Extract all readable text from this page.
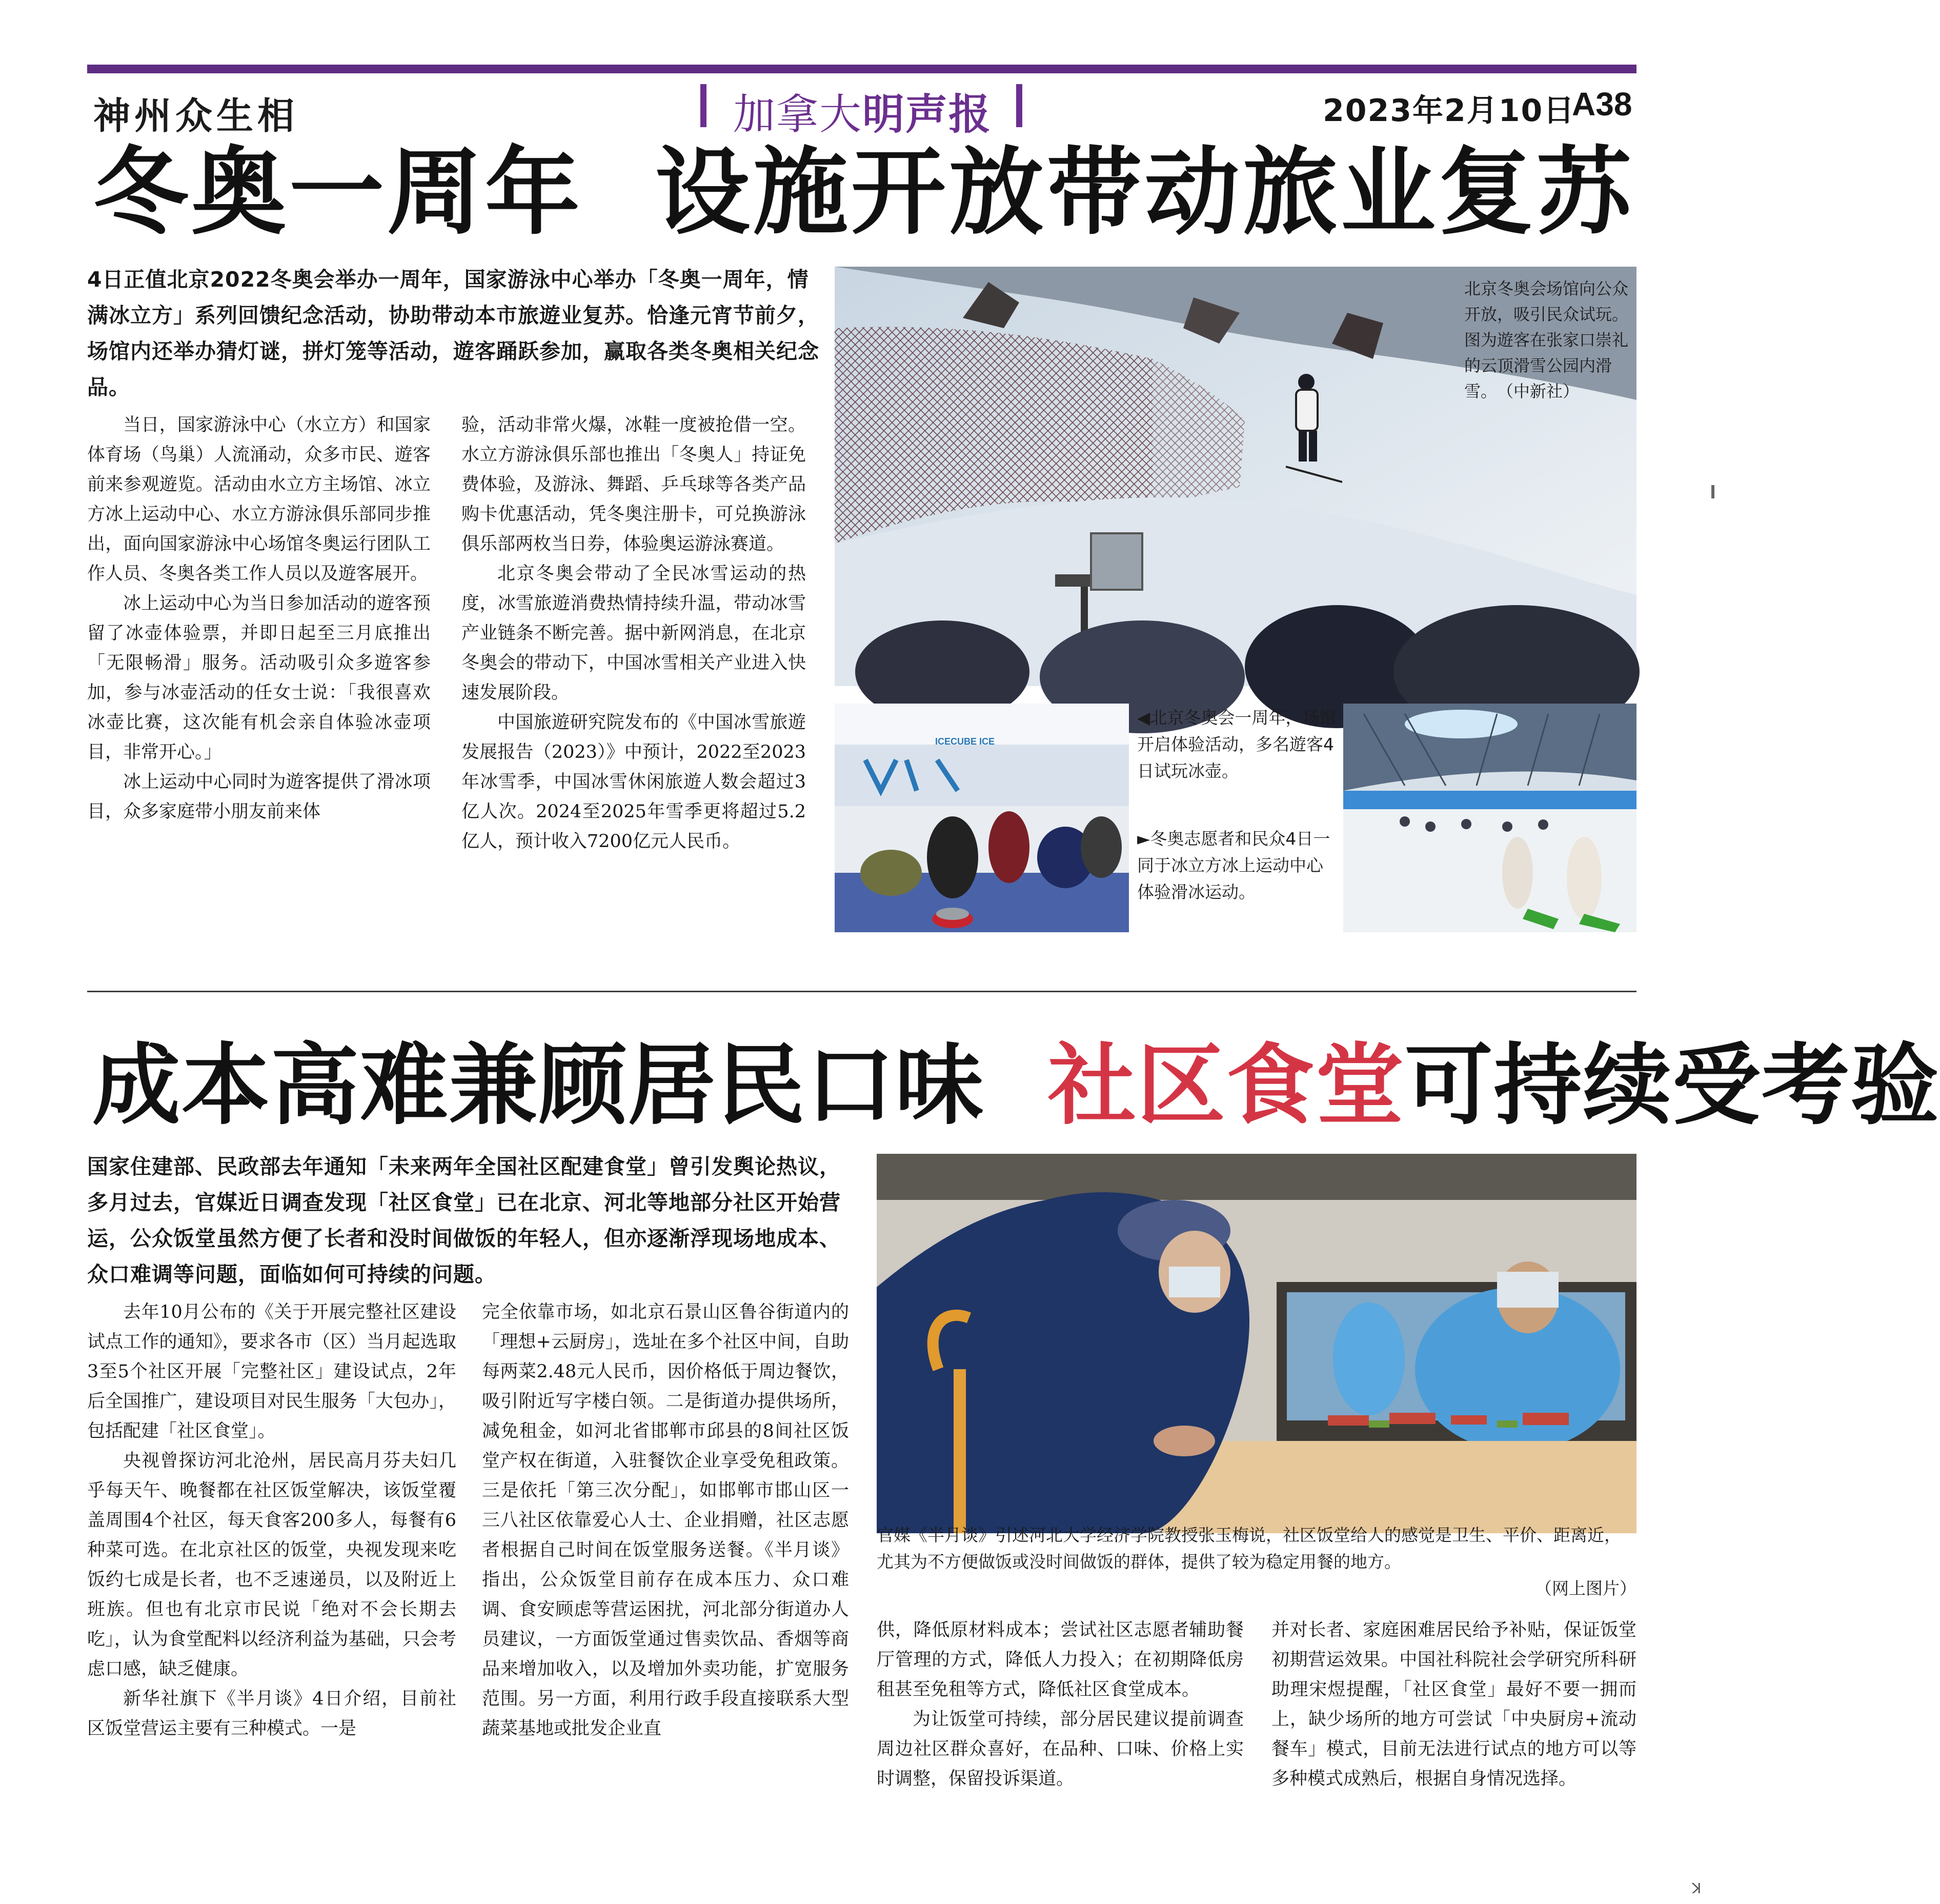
神州众生相	加拿大明声报	2023年2月10日
A38
冬奥一周年  设施开放带动旅业复苏
4日正值北京2022冬奥会举办一周年，国家游泳中心举办「冬奥一周年，情满冰立方」系列回馈纪念活动，协助带动本市旅遊业复苏。恰逢元宵节前夕，场馆内还举办猜灯谜，拼灯笼等活动，遊客踊跃参加，赢取各类冬奥相关纪念品。

当日，国家游泳中心（水立方）和国家体育场（鸟巢）人流涌动，众多市民、遊客前来参观遊览。活动由水立方主场馆、冰立方冰上运动中心、水立方游泳俱乐部同步推出，面向国家游泳中心场馆冬奥运行团队工作人员、冬奥各类工作人员以及遊客展开。

冰上运动中心为当日参加活动的遊客预留了冰壶体验票，并即日起至三月底推出「无限畅滑」服务。活动吸引众多遊客参加，参与冰壶活动的任女士说：「我很喜欢冰壶比赛，这次能有机会亲自体验冰壶项目，非常开心。」

冰上运动中心同时为遊客提供了滑冰项目，众多家庭带小朋友前来体

验，活动非常火爆，冰鞋一度被抢借一空。水立方游泳俱乐部也推出「冬奥人」持证免费体验，及游泳、舞蹈、乒乓球等各类产品购卡优惠活动，凭冬奥注册卡，可兑换游泳俱乐部两枚当日券，体验奥运游泳赛道。

北京冬奥会带动了全民冰雪运动的热度，冰雪旅遊消费热情持续升温，带动冰雪产业链条不断完善。据中新网消息，在北京冬奥会的带动下，中国冰雪相关产业进入快速发展阶段。

中国旅遊研究院发布的《中国冰雪旅遊发展报告（2023）》中预计，2022至2023年冰雪季，中国冰雪休闲旅遊人数会超过3亿人次。2024至2025年雪季更将超过5.2亿人，预计收入7200亿元人民币。

北京冬奥会场馆向公众开放，吸引民众试玩。图为遊客在张家口崇礼的云顶滑雪公园内滑雪。　（中新社）
ICECUBE ICE
◀北京冬奥会一周年，场馆开启体验活动，多名遊客4日试玩冰壶。
►冬奥志愿者和民众4日一同于冰立方冰上运动中心体验滑冰运动。
成本高难兼顾居民口味  社区食堂可持续受考验
国家住建部、民政部去年通知「未来两年全国社区配建食堂」曾引发舆论热议，多月过去，官媒近日调查发现「社区食堂」已在北京、河北等地部分社区开始营运，公众饭堂虽然方便了长者和没时间做饭的年轻人，但亦逐渐浮现场地成本、众口难调等问题，面临如何可持续的问题。

去年10月公布的《关于开展完整社区建设试点工作的通知》，要求各市（区）当月起选取3至5个社区开展「完整社区」建设试点，2年后全国推广，建设项目对民生服务「大包办」，包括配建「社区食堂」。

央视曾探访河北沧州，居民高月芬夫妇几乎每天午、晚餐都在社区饭堂解决，该饭堂覆盖周围4个社区，每天食客200多人，每餐有6种菜可选。在北京社区的饭堂，央视发现来吃饭约七成是长者，也不乏速递员，以及附近上班族。但也有北京市民说「绝对不会长期去吃」，认为食堂配料以经济利益为基础，只会考虑口感，缺乏健康。

新华社旗下《半月谈》4日介绍，目前社区饭堂营运主要有三种模式。一是

完全依靠市场，如北京石景山区鲁谷街道内的「理想+云厨房」，选址在多个社区中间，自助每两菜2.48元人民币，因价格低于周边餐饮，吸引附近写字楼白领。二是街道办提供场所，减免租金，如河北省邯郸市邱县的8间社区饭堂产权在街道，入驻餐饮企业享受免租政策。三是依托「第三次分配」，如邯郸市邯山区一三八社区依靠爱心人士、企业捐赠，社区志愿者根据自己时间在饭堂服务送餐。《半月谈》指出，公众饭堂目前存在成本压力、众口难调、食安顾虑等营运困扰，河北部分街道办人员建议，一方面饭堂通过售卖饮品、香烟等商品来增加收入，以及增加外卖功能，扩宽服务范围。另一方面，利用行政手段直接联系大型蔬菜基地或批发企业直

官媒《半月谈》引述河北大学经济学院教授张玉梅说，社区饭堂给人的感觉是卫生、平价、距离近，尤其为不方便做饭或没时间做饭的群体，提供了较为稳定用餐的地方。
（网上图片）

供，降低原材料成本；尝试社区志愿者辅助餐厅管理的方式，降低人力投入；在初期降低房租甚至免租等方式，降低社区食堂成本。

为让饭堂可持续，部分居民建议提前调查周边社区群众喜好，在品种、口味、价格上实时调整，保留投诉渠道。

并对长者、家庭困难居民给予补贴，保证饭堂初期营运效果。中国社科院社会学研究所科研助理宋煜提醒，「社区食堂」最好不要一拥而上，缺少场所的地方可尝试「中央厨房+流动餐车」模式，目前无法进行试点的地方可以等多种模式成熟后，根据自身情况选择。

K
